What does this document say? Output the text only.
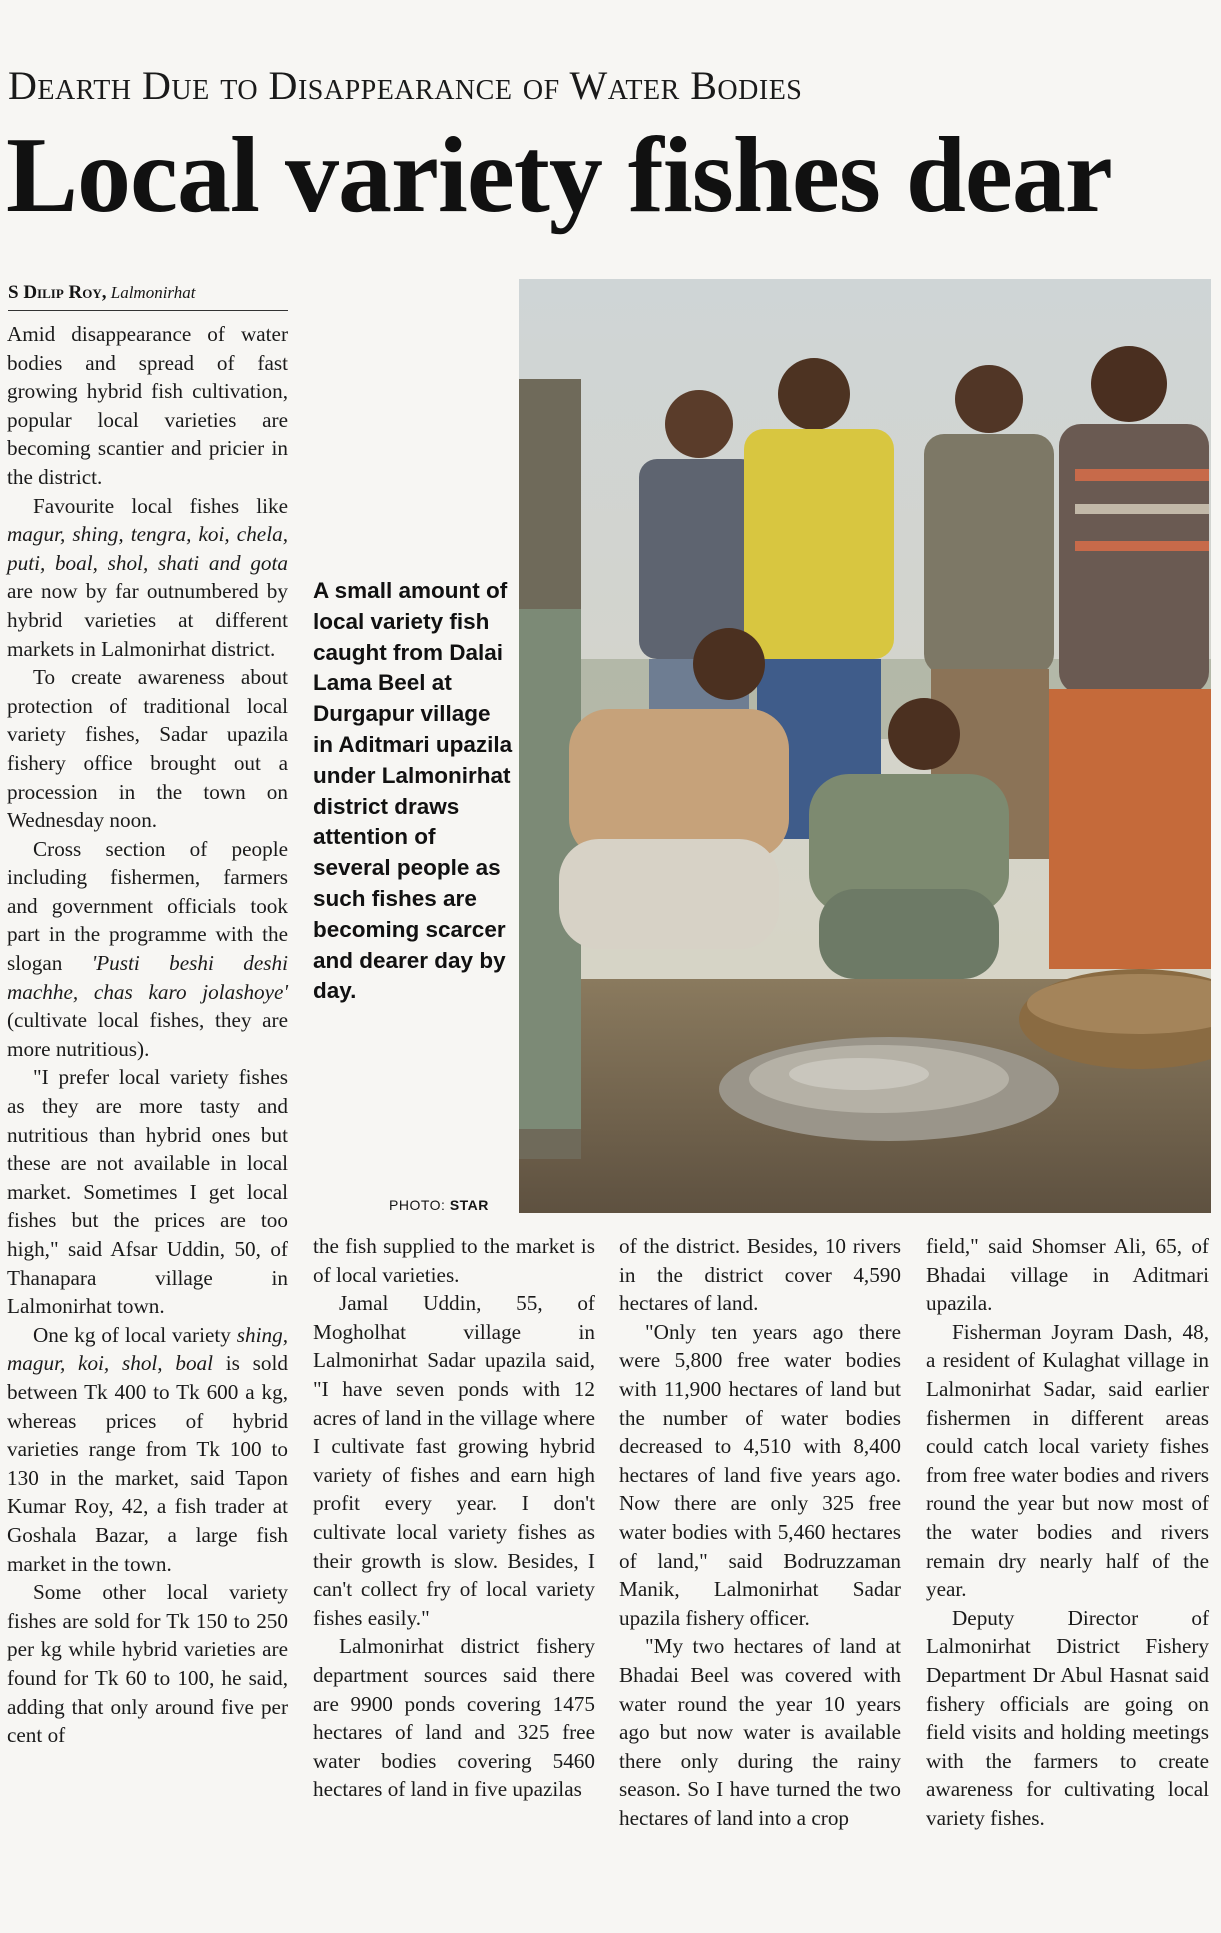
Dearth Due to Disappearance of Water Bodies
Local variety fishes dear
S Dilip Roy, Lalmonirhat

Amid disappearance of water bodies and spread of fast growing hybrid fish cultivation, popular local varieties are becoming scantier and pricier in the district.

Favourite local fishes like magur, shing, tengra, koi, chela, puti, boal, shol, shati and gota are now by far outnumbered by hybrid varieties at different markets in Lalmonirhat district.

To create awareness about protection of traditional local variety fishes, Sadar upazila fishery office brought out a procession in the town on Wednesday noon.

Cross section of people including fishermen, farmers and government officials took part in the programme with the slogan 'Pusti beshi deshi machhe, chas karo jolashoye' (cultivate local fishes, they are more nutritious).

"I prefer local variety fishes as they are more tasty and nutritious than hybrid ones but these are not available in local market. Sometimes I get local fishes but the prices are too high," said Afsar Uddin, 50, of Thanapara village in Lalmonirhat town.

One kg of local variety shing, magur, koi, shol, boal is sold between Tk 400 to Tk 600 a kg, whereas prices of hybrid varieties range from Tk 100 to 130 in the market, said Tapon Kumar Roy, 42, a fish trader at Goshala Bazar, a large fish market in the town.

Some other local variety fishes are sold for Tk 150 to 250 per kg while hybrid varieties are found for Tk 60 to 100, he said, adding that only around five per cent of

A small amount of local variety fish caught from Dalai Lama Beel at Durgapur village in Aditmari upazila under Lalmonirhat district draws attention of several people as such fishes are becoming scarcer and dearer day by day.
PHOTO: STAR

the fish supplied to the market is of local varieties.

Jamal Uddin, 55, of Mogholhat village in Lalmonirhat Sadar upazila said, "I have seven ponds with 12 acres of land in the village where I cultivate fast growing hybrid variety of fishes and earn high profit every year. I don't cultivate local variety fishes as their growth is slow. Besides, I can't collect fry of local variety fishes easily."

Lalmonirhat district fishery department sources said there are 9900 ponds covering 1475 hectares of land and 325 free water bodies covering 5460 hectares of land in five upazilas

of the district. Besides, 10 rivers in the district cover 4,590 hectares of land.

"Only ten years ago there were 5,800 free water bodies with 11,900 hectares of land but the number of water bodies decreased to 4,510 with 8,400 hectares of land five years ago. Now there are only 325 free water bodies with 5,460 hectares of land," said Bodruzzaman Manik, Lalmonirhat Sadar upazila fishery officer.

"My two hectares of land at Bhadai Beel was covered with water round the year 10 years ago but now water is available there only during the rainy season. So I have turned the two hectares of land into a crop

field," said Shomser Ali, 65, of Bhadai village in Aditmari upazila.

Fisherman Joyram Dash, 48, a resident of Kulaghat village in Lalmonirhat Sadar, said earlier fishermen in different areas could catch local variety fishes from free water bodies and rivers round the year but now most of the water bodies and rivers remain dry nearly half of the year.

Deputy Director of Lalmonirhat District Fishery Department Dr Abul Hasnat said fishery officials are going on field visits and holding meetings with the farmers to create awareness for cultivating local variety fishes.
